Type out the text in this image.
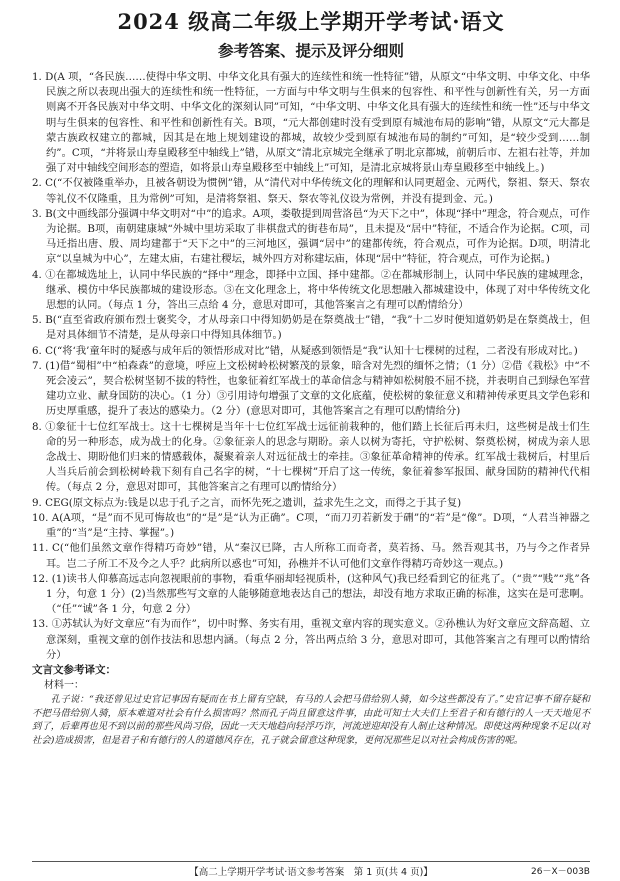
2024 级高二年级上学期开学考试·语文
参考答案、提示及评分细则

1. D(A 项，“各民族……使得中华文明、中华文化具有强大的连续性和统一性特征”错，从原文“中华文明、中华文化、中华民族之所以表现出强大的连续性和统一性特征，一方面与中华文明与生俱来的包容性、和平性与创新性有关，另一方面则离不开各民族对中华文明、中华文化的深刻认同”可知，“中华文明、中华文化具有强大的连续性和统一性”还与中华文明与生俱来的包容性、和平性和创新性有关。B项，“元大都创建时没有受到原有城池布局的影响”错，从原文“元大都是蒙古族政权建立的都城，因其是在地上规划建设的都城，故较少受到原有城池布局的制约”可知，是“较少受到……制约”。C项，“并将景山寿皇殿移至中轴线上”错，从原文“清北京城完全继承了明北京都城，前朝后市、左祖右社等，并加强了对中轴线空间形态的塑造，如将景山寿皇殿移至中轴线上”可知，是清北京城将景山寿皇殿移至中轴线上。)

2. C(“不仅被隆重举办，且被各朝设为惯例”错，从“清代对中华传统文化的理解和认同更超金、元两代，祭祖、祭天、祭农等礼仪不仅隆重，且为常例”可知，是清将祭祖、祭天、祭农等礼仪设为常例，并没有提到金、元。)

3. B(文中画线部分强调中华文明对“中”的追求。A项，娄敬提到周营洛邑“为天下之中”，体现“择中”理念，符合观点，可作为论据。B项，南朝建康城“外城中里坊采取了非棋盘式的街巷布局”，且未提及“居中”特征，不适合作为论据。C项，司马迁指出唐、殷、周均建都于“天下之中”的三河地区，强调“居中”的建都传统，符合观点，可作为论据。D项，明清北京“以皇城为中心”，左建太庙，右建社稷坛，城外四方对称建坛庙，体现“居中”特征，符合观点，可作为论据。)

4. ①在都城选址上，认同中华民族的“择中”理念，即择中立国、择中建都。②在都城形制上，认同中华民族的建城理念，继承、模仿中华民族都城的建设形态。③在文化理念上，将中华传统文化思想融入都城建设中，体现了对中华传统文化思想的认同。（每点 1 分，答出三点给 4 分，意思对即可，其他答案言之有理可以酌情给分）

5. B(“直至省政府颁布烈士褒奖令，才从母亲口中得知奶奶是在祭奠战士”错，“我”十二岁时便知道奶奶是在祭奠战士，但是对具体细节不清楚，是从母亲口中得知具体细节。)

6. C(“将‘我’童年时的疑惑与成年后的领悟形成对比”错，从疑惑到领悟是“我”认知十七棵树的过程，二者没有形成对比。)

7. (1)借“蜀相”中“柏森森”的意境，呼应上文松树岭松树繁茂的景象，暗含对先烈的缅怀之情；（1 分）②借《栽松》中“不死会凌云”，契合松树坚韧不拔的特性，也象征着红军战士的革命信念与精神如松树般不屈不挠，并表明自己到绿色军营建功立业、献身国防的决心。（1 分）③引用诗句增强了文章的文化底蕴，使松树的象征意义和精神传承更具文学色彩和历史厚重感，提升了表达的感染力。（2 分）(意思对即可，其他答案言之有理可以酌情给分)

8. ①象征十七位红军战士。这十七棵树是当年十七位红军战士远征前栽种的，他们踏上长征后再未归，这些树是战士们生命的另一种形态，成为战士的化身。②象征亲人的思念与期盼。亲人以树为寄托，守护松树、祭奠松树，树成为亲人思念战士、期盼他们归来的情感载体，凝聚着亲人对远征战士的牵挂。③象征革命精神的传承。红军战士栽树后，村里后人当兵后前会到松树岭栽下刻有自己名字的树，“十七棵树”开启了这一传统，象征着参军报国、献身国防的精神代代相传。（每点 2 分，意思对即可，其他答案言之有理可以酌情给分）

9. CEG(原文标点为:钱是以忠于孔子之言，而怀先死之遗训，益求先生之文，而得之于其子复)

10. A(A项，“是”而不见可悔故也”的“是”是“认为正确”。C项，“而刀刃若新发于硎”的“若”是“像”。D项，“人君当神器之重”的“当”是“主持、掌握”。)

11. C(“他们虽然文章作得精巧奇妙”错，从“秦汉已降，古人所称工而奇者，莫若扬、马。然吾观其书，乃与今之作者异耳。岂二子所工不及今之人乎？此病所以惑也”可知，孙樵并不认可他们文章作得精巧奇妙这一观点。)

12. (1)读书人仰慕高远志向忽视眼前的事物，看重华丽却轻视质朴，(这种风气)我已经看到它的征兆了。（“贵”“贱”“兆”各 1 分，句意 1 分）(2)当然那些写文章的人能够随意地表达自己的想法，却没有地方求取正确的标准，这实在是可悲啊。（“任”“诚”各 1 分，句意 2 分）

13. ①苏轼认为好文章应“有为而作”，切中时弊、务实有用，重视文章内容的现实意义。②孙樵认为好文章应文辞高超、立意深刻，重视文章的创作技法和思想内涵。（每点 2 分，答出两点给 3 分，意思对即可，其他答案言之有理可以酌情给分）

文言文参考译文：

材料一：

孔子说：“我还曾见过史官记事因有疑而在书上留有空缺，有马的人会把马借给别人骑，如今这些都没有了。”史官记事不留存疑和不把马借给别人骑，原本难道对社会有什么损害吗？然而孔子尚且留意这件事，由此可知士大夫们上至君子和有德行的人一天天地见不到了，后辈再也见不到以前的那些风尚习俗，因此一天天地趋向轻浮巧诈，河流逆迎却没有人制止这种情况。即使这两种现象不足以(对社会)造成损害，但是君子和有德行的人的道德风存在，孔子就会留意这种现象，更何况那些足以对社会构成伤害的呢。

【高二上学期开学考试·语文参考答案　第 1 页(共 4 页)】	26－X－003B
